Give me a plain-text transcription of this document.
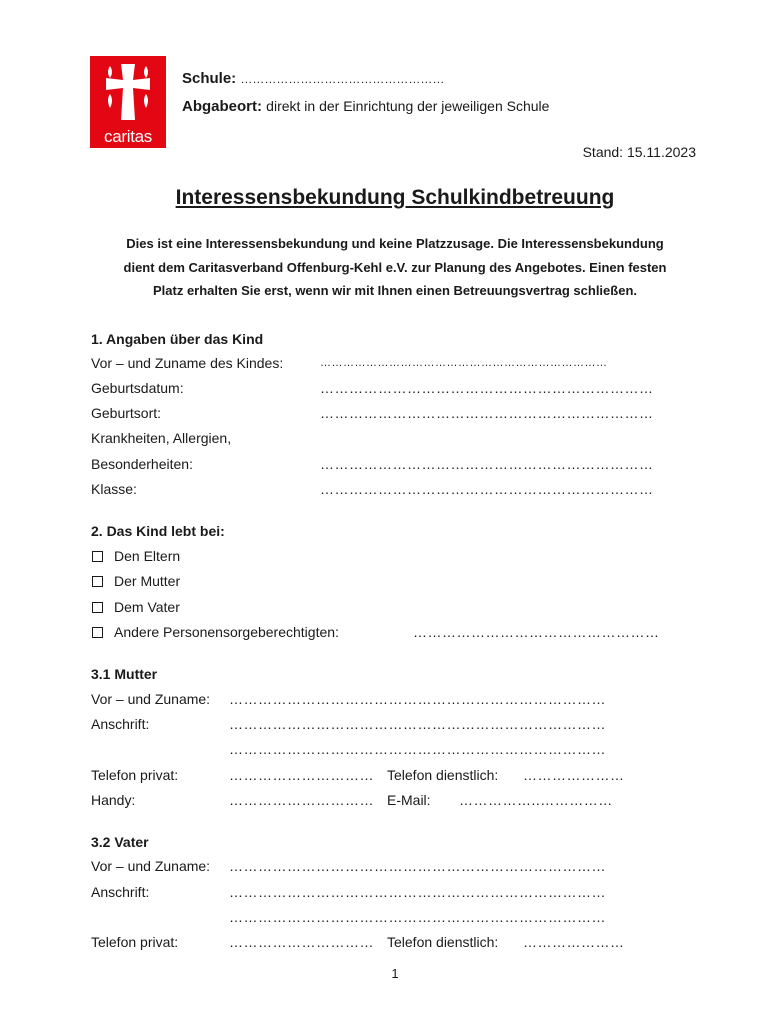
caritas
Schule: ……………………………………………
Abgabeort: direkt in der Einrichtung der jeweiligen Schule
Stand: 15.11.2023
Interessensbekundung Schulkindbetreuung
Dies ist eine Interessensbekundung und keine Platzzusage. Die Interessensbekundung
dient dem Caritasverband Offenburg-Kehl e.V. zur Planung des Angebotes. Einen festen
Platz erhalten Sie erst, wenn wir mit Ihnen einen Betreuungsvertrag schließen.
1. Angaben über das Kind
Vor – und Zuname des Kindes:	…………………………………………………………………
Geburtsdatum:	……………………………………………………………
Geburtsort:	……………………………………………………………
Krankheiten, Allergien,
Besonderheiten:	……………………………………………………………
Klasse:	……………………………………………………………
2. Das Kind lebt bei:
Den Eltern
Der Mutter
Dem Vater
Andere Personensorgeberechtigten:	……………………………………………
3.1 Mutter
Vor – und Zuname: ……………………………………………………………………
Anschrift:	……………………………………………………………………
……………………………………………………………………
Telefon privat:	………………………… Telefon dienstlich: …………………
Handy:	………………………… E-Mail: ……………..……………
3.2 Vater
Vor – und Zuname: ……………………………………………………………………
Anschrift:	……………………………………………………………………
……………………………………………………………………
Telefon privat:	………………………… Telefon dienstlich: …………………
1
